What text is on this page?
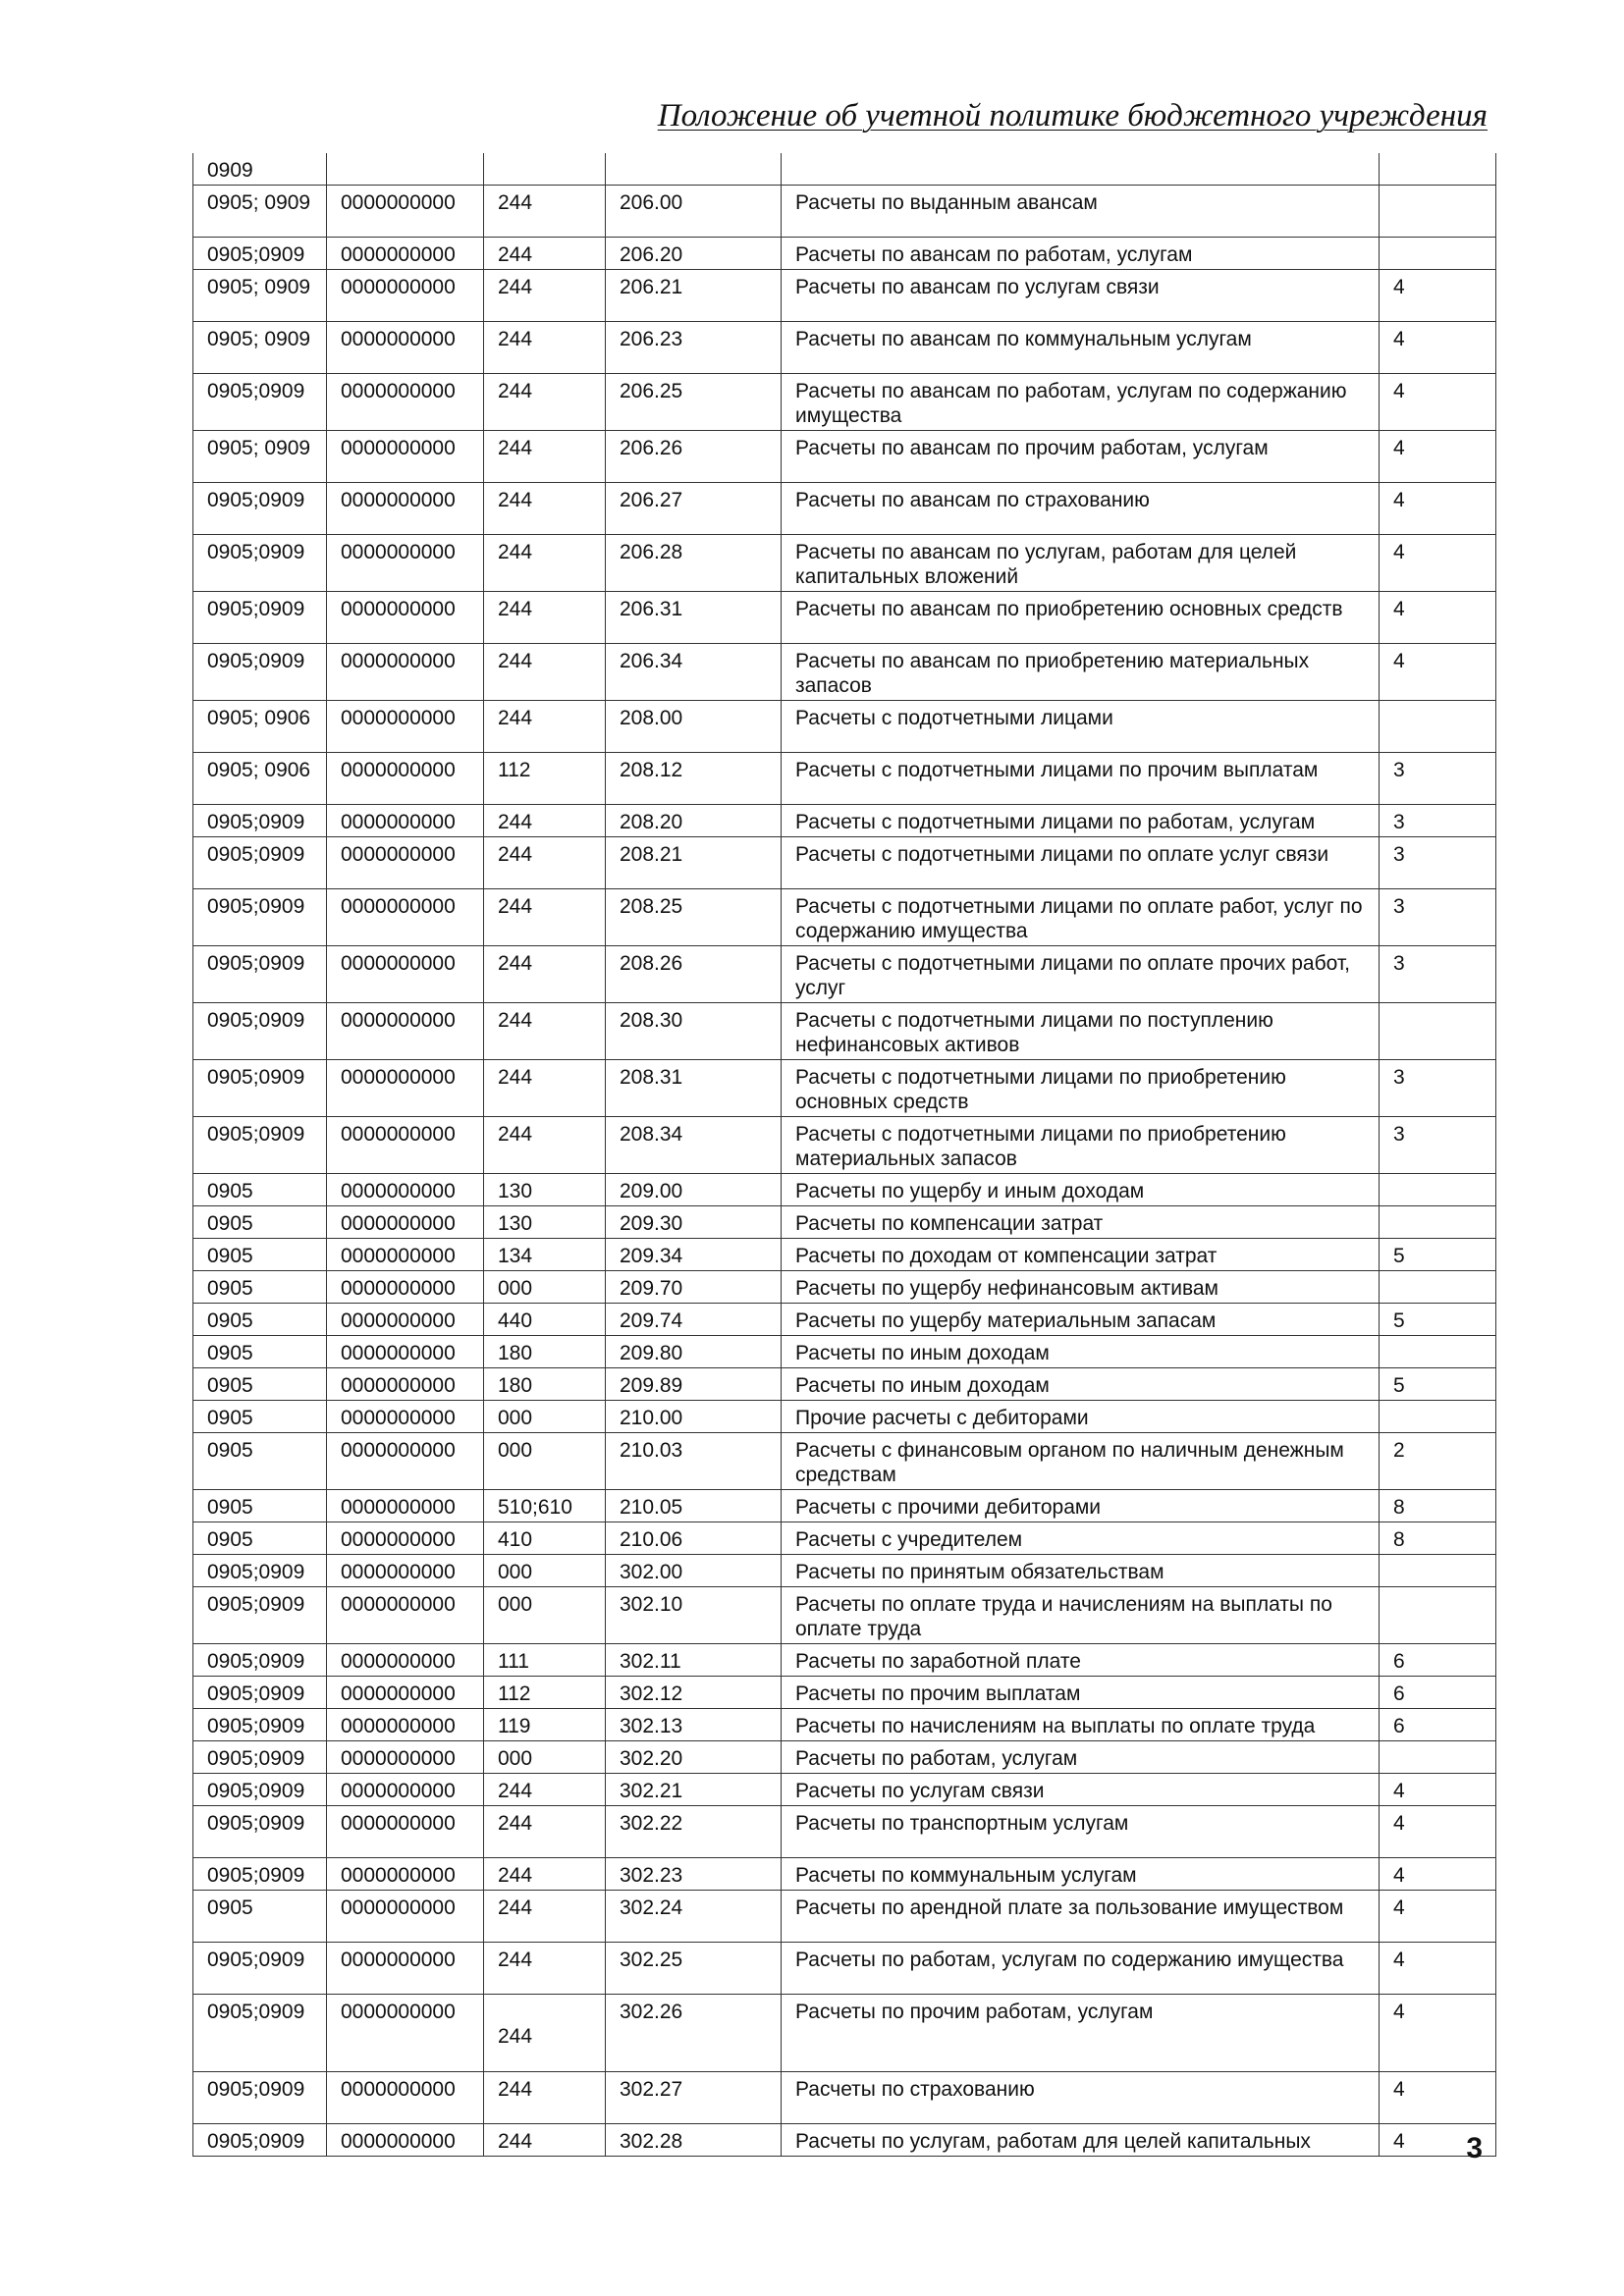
Положение об учетной политике бюджетного учреждения
0909					
0905; 0909	0000000000	244	206.00	Расчеты по выданным авансам	
0905;0909	0000000000	244	206.20	Расчеты по авансам по работам, услугам	
0905; 0909	0000000000	244	206.21	Расчеты по авансам по услугам связи	4
0905; 0909	0000000000	244	206.23	Расчеты по авансам по коммунальным услугам	4
0905;0909	0000000000	244	206.25	Расчеты по авансам по работам, услугам по содержанию имущества	4
0905; 0909	0000000000	244	206.26	Расчеты по авансам по прочим работам, услугам	4
0905;0909	0000000000	244	206.27	Расчеты по авансам по страхованию	4
0905;0909	0000000000	244	206.28	Расчеты по авансам по услугам, работам для целей капитальных вложений	4
0905;0909	0000000000	244	206.31	Расчеты по авансам по приобретению основных средств	4
0905;0909	0000000000	244	206.34	Расчеты по авансам по приобретению материальных запасов	4
0905; 0906	0000000000	244	208.00	Расчеты с подотчетными лицами	
0905; 0906	0000000000	112	208.12	Расчеты с подотчетными лицами по прочим выплатам	3
0905;0909	0000000000	244	208.20	Расчеты с подотчетными лицами по работам, услугам	3
0905;0909	0000000000	244	208.21	Расчеты с подотчетными лицами по оплате услуг связи	3
0905;0909	0000000000	244	208.25	Расчеты с подотчетными лицами по оплате работ, услуг по содержанию имущества	3
0905;0909	0000000000	244	208.26	Расчеты с подотчетными лицами по оплате прочих работ, услуг	3
0905;0909	0000000000	244	208.30	Расчеты с подотчетными лицами по поступлению нефинансовых активов	
0905;0909	0000000000	244	208.31	Расчеты с подотчетными лицами по приобретению основных средств	3
0905;0909	0000000000	244	208.34	Расчеты с подотчетными лицами по приобретению материальных запасов	3
0905	0000000000	130	209.00	Расчеты по ущербу и иным доходам	
0905	0000000000	130	209.30	Расчеты по компенсации затрат	
0905	0000000000	134	209.34	Расчеты по доходам от компенсации затрат	5
0905	0000000000	000	209.70	Расчеты по ущербу нефинансовым активам	
0905	0000000000	440	209.74	Расчеты по ущербу материальным запасам	5
0905	0000000000	180	209.80	Расчеты по иным доходам	
0905	0000000000	180	209.89	Расчеты по иным доходам	5
0905	0000000000	000	210.00	Прочие расчеты с дебиторами	
0905	0000000000	000	210.03	Расчеты с финансовым органом по наличным денежным средствам	2
0905	0000000000	510;610	210.05	Расчеты с прочими дебиторами	8
0905	0000000000	410	210.06	Расчеты с учредителем	8
0905;0909	0000000000	000	302.00	Расчеты по принятым обязательствам	
0905;0909	0000000000	000	302.10	Расчеты по оплате труда и начислениям на выплаты по оплате труда	
0905;0909	0000000000	111	302.11	Расчеты по заработной плате	6
0905;0909	0000000000	112	302.12	Расчеты по прочим выплатам	6
0905;0909	0000000000	119	302.13	Расчеты по начислениям на выплаты по оплате труда	6
0905;0909	0000000000	000	302.20	Расчеты по работам, услугам	
0905;0909	0000000000	244	302.21	Расчеты по услугам связи	4
0905;0909	0000000000	244	302.22	Расчеты по транспортным услугам	4
0905;0909	0000000000	244	302.23	Расчеты по коммунальным услугам	4
0905	0000000000	244	302.24	Расчеты по арендной плате за пользование имуществом	4
0905;0909	0000000000	244	302.25	Расчеты по работам, услугам по содержанию имущества	4
0905;0909	0000000000	244	302.26	Расчеты по прочим работам, услугам	4
0905;0909	0000000000	244	302.27	Расчеты по страхованию	4
0905;0909	0000000000	244	302.28	Расчеты по услугам, работам для целей капитальных	4	3
